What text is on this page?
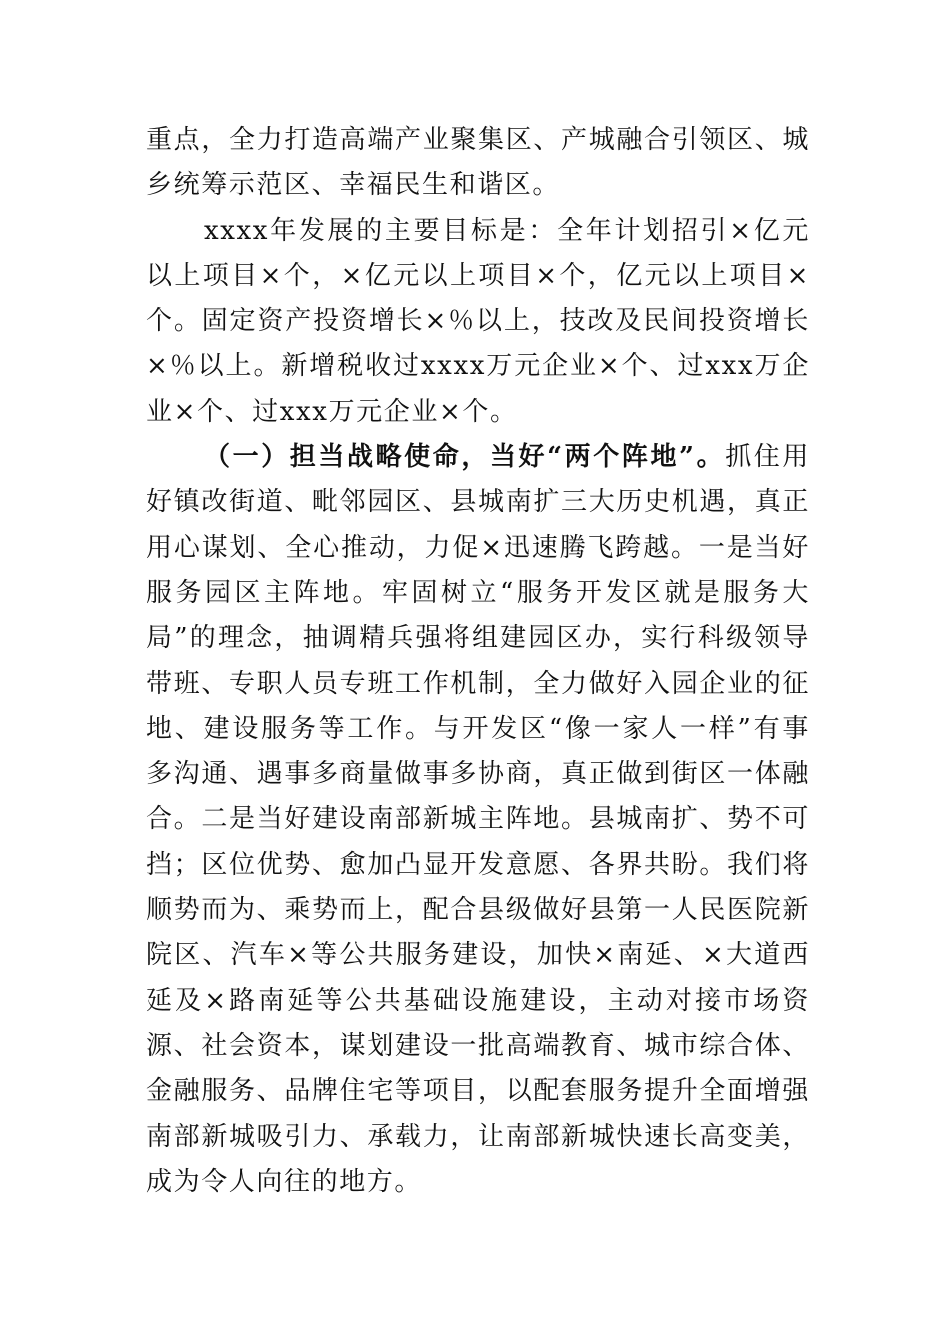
重点，全力打造高端产业聚集区、产城融合引领区、城乡统筹示范区、幸福民生和谐区。

xxxx年发展的主要目标是：全年计划招引×亿元以上项目×个，×亿元以上项目×个，亿元以上项目×个。固定资产投资增长×％以上，技改及民间投资增长×％以上。新增税收过xxxx万元企业×个、过xxx万企业×个、过xxx万元企业×个。

（一）担当战略使命，当好“两个阵地”。抓住用好镇改街道、毗邻园区、县城南扩三大历史机遇，真正用心谋划、全心推动，力促×迅速腾飞跨越。一是当好服务园区主阵地。牢固树立“服务开发区就是服务大局”的理念，抽调精兵强将组建园区办，实行科级领导带班、专职人员专班工作机制，全力做好入园企业的征地、建设服务等工作。与开发区“像一家人一样”有事多沟通、遇事多商量做事多协商，真正做到街区一体融合。二是当好建设南部新城主阵地。县城南扩、势不可挡；区位优势、愈加凸显开发意愿、各界共盼。我们将顺势而为、乘势而上，配合县级做好县第一人民医院新院区、汽车×等公共服务建设，加快×南延、×大道西延及×路南延等公共基础设施建设，主动对接市场资源、社会资本，谋划建设一批高端教育、城市综合体、金融服务、品牌住宅等项目，以配套服务提升全面增强南部新城吸引力、承载力，让南部新城快速长高变美，成为令人向往的地方。
